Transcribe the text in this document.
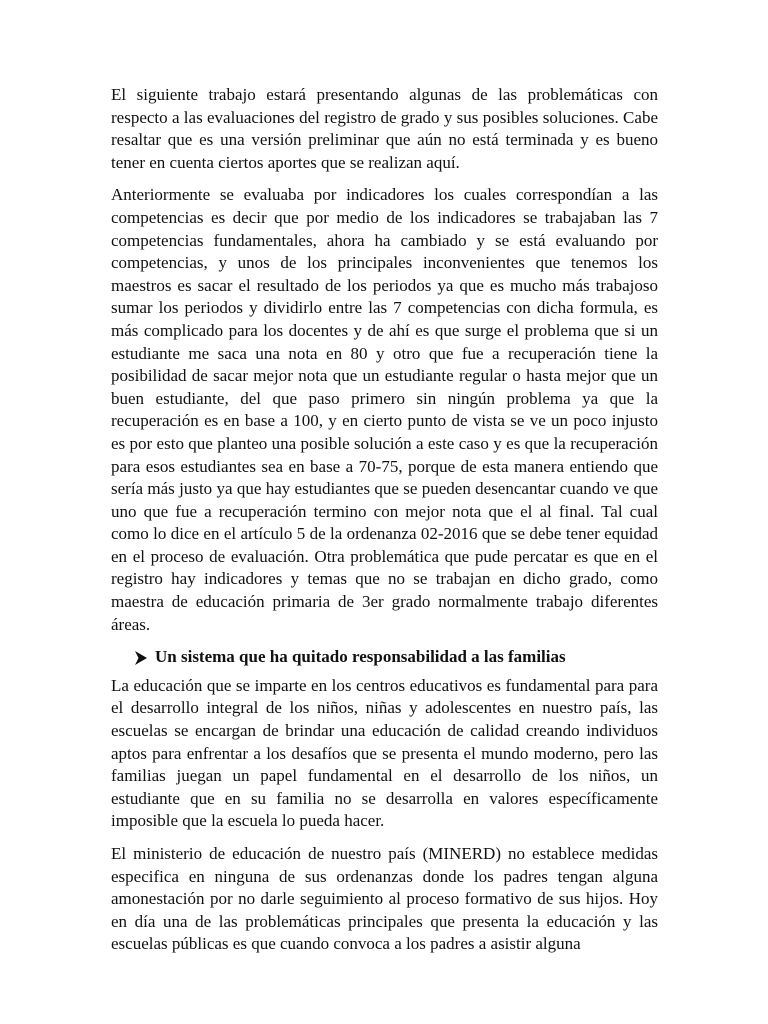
El siguiente trabajo estará presentando algunas de las problemáticas con respecto a las evaluaciones del registro de grado y sus posibles soluciones. Cabe resaltar que es una versión preliminar que aún no está terminada y es bueno tener en cuenta ciertos aportes que se realizan aquí.

Anteriormente se evaluaba por indicadores los cuales correspondían a las competencias es decir que por medio de los indicadores se trabajaban las 7 competencias fundamentales, ahora ha cambiado y se está evaluando por competencias, y unos de los principales inconvenientes que tenemos los maestros es sacar el resultado de los periodos ya que es mucho más trabajoso sumar los periodos y dividirlo entre las 7 competencias con dicha formula, es más complicado para los docentes y de ahí es que surge el problema que si un estudiante me saca una nota en 80 y otro que fue a recuperación tiene la posibilidad de sacar mejor nota que un estudiante regular o hasta mejor que un buen estudiante, del que paso primero sin ningún problema ya que la recuperación es en base a 100, y en cierto punto de vista se ve un poco injusto es por esto que planteo una posible solución a este caso y es que la recuperación para esos estudiantes sea en base a 70-75, porque de esta manera entiendo que sería más justo ya que hay estudiantes que se pueden desencantar cuando ve que uno que fue a recuperación termino con mejor nota que el al final. Tal cual como lo dice en el artículo 5 de la ordenanza 02-2016 que se debe tener equidad en el proceso de evaluación. Otra problemática que pude percatar es que en el registro hay indicadores y temas que no se trabajan en dicho grado, como maestra de educación primaria de 3er grado normalmente trabajo diferentes áreas.

Un sistema que ha quitado responsabilidad a las familias

La educación que se imparte en los centros educativos es fundamental para para el desarrollo integral de los niños, niñas y adolescentes en nuestro país, las escuelas se encargan de brindar una educación de calidad creando individuos aptos para enfrentar a los desafíos que se presenta el mundo moderno, pero las familias juegan un papel fundamental en el desarrollo de los niños, un estudiante que en su familia no se desarrolla en valores específicamente imposible que la escuela lo pueda hacer.

El ministerio de educación de nuestro país (MINERD) no establece medidas especifica en ninguna de sus ordenanzas donde los padres tengan alguna amonestación por no darle seguimiento al proceso formativo de sus hijos. Hoy en día una de las problemáticas principales que presenta la educación y las escuelas públicas es que cuando convoca a los padres a asistir alguna
